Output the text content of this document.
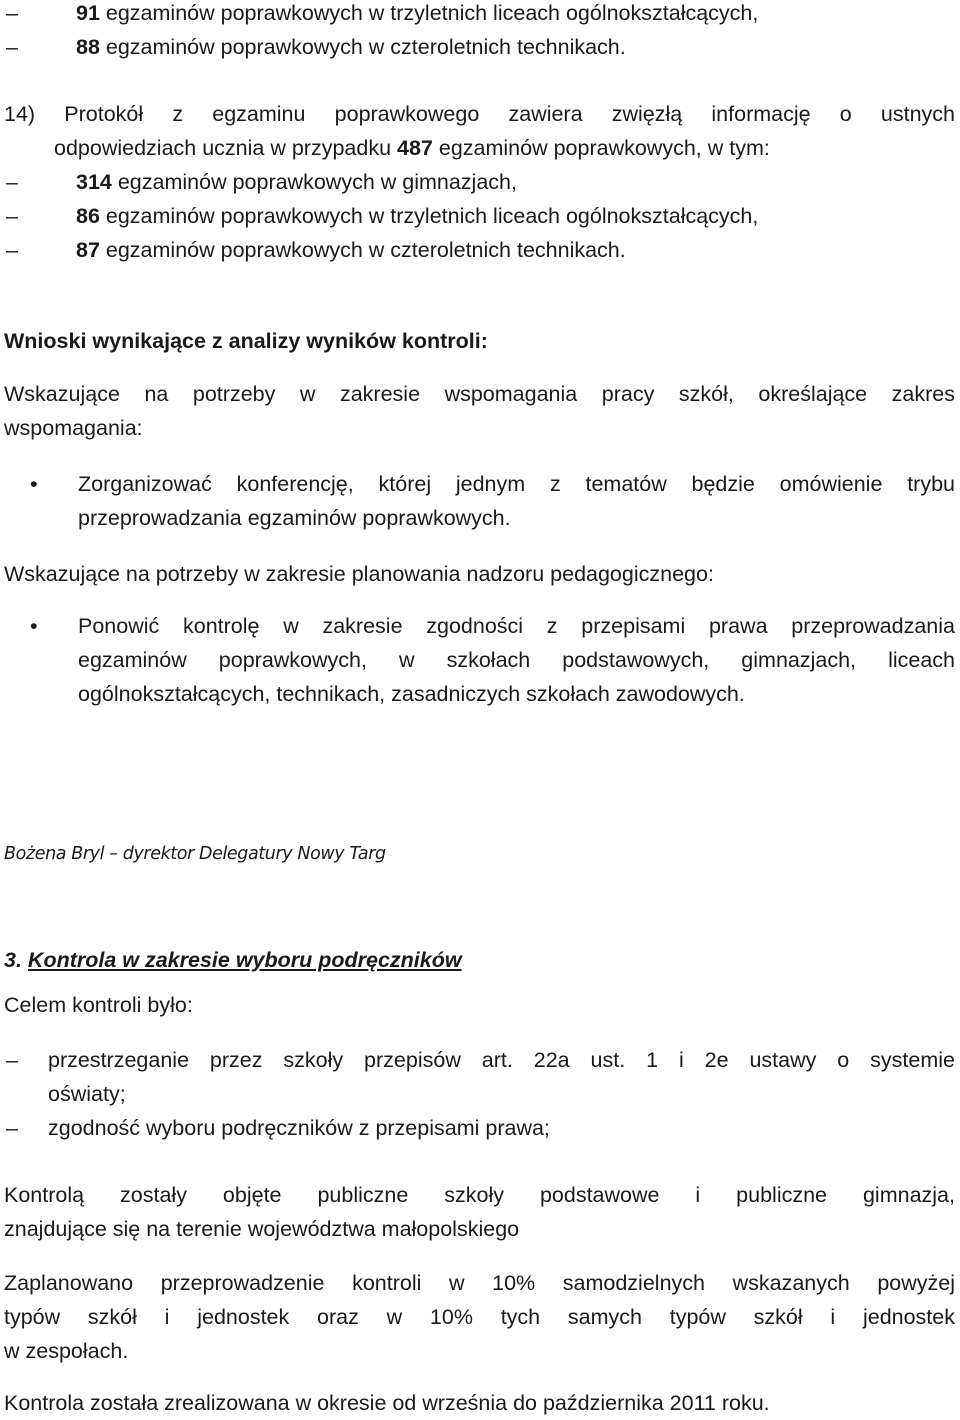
–	91 egzaminów poprawkowych w trzyletnich liceach ogólnokształcących,
–	88 egzaminów poprawkowych w czteroletnich technikach.
14) Protokół z egzaminu poprawkowego zawiera zwięzłą informację o ustnych
odpowiedziach ucznia w przypadku 487 egzaminów poprawkowych, w tym:
–	314 egzaminów poprawkowych w gimnazjach,
–	86 egzaminów poprawkowych w trzyletnich liceach ogólnokształcących,
–	87 egzaminów poprawkowych w czteroletnich technikach.
Wnioski wynikające z analizy wyników kontroli:
Wskazujące na potrzeby w zakresie wspomagania pracy szkół, określające zakres
wspomagania:
• Zorganizować konferencję, której jednym z tematów będzie omówienie trybu
przeprowadzania egzaminów poprawkowych.
Wskazujące na potrzeby w zakresie planowania nadzoru pedagogicznego:
• Ponowić kontrolę w zakresie zgodności z przepisami prawa przeprowadzania
egzaminów poprawkowych, w szkołach podstawowych, gimnazjach, liceach
ogólnokształcących, technikach, zasadniczych szkołach zawodowych.
Bożena Bryl – dyrektor Delegatury Nowy Targ
3. Kontrola w zakresie wyboru podręczników
Celem kontroli było:
– przestrzeganie przez szkoły przepisów art. 22a ust. 1 i 2e ustawy o systemie
oświaty;
– zgodność wyboru podręczników z przepisami prawa;
Kontrolą zostały objęte publiczne szkoły podstawowe i publiczne gimnazja,
znajdujące się na terenie województwa małopolskiego
Zaplanowano przeprowadzenie kontroli w 10% samodzielnych wskazanych powyżej
typów szkół i jednostek oraz w 10% tych samych typów szkół i jednostek
w zespołach.
Kontrola została zrealizowana w okresie od września do października 2011 roku.
